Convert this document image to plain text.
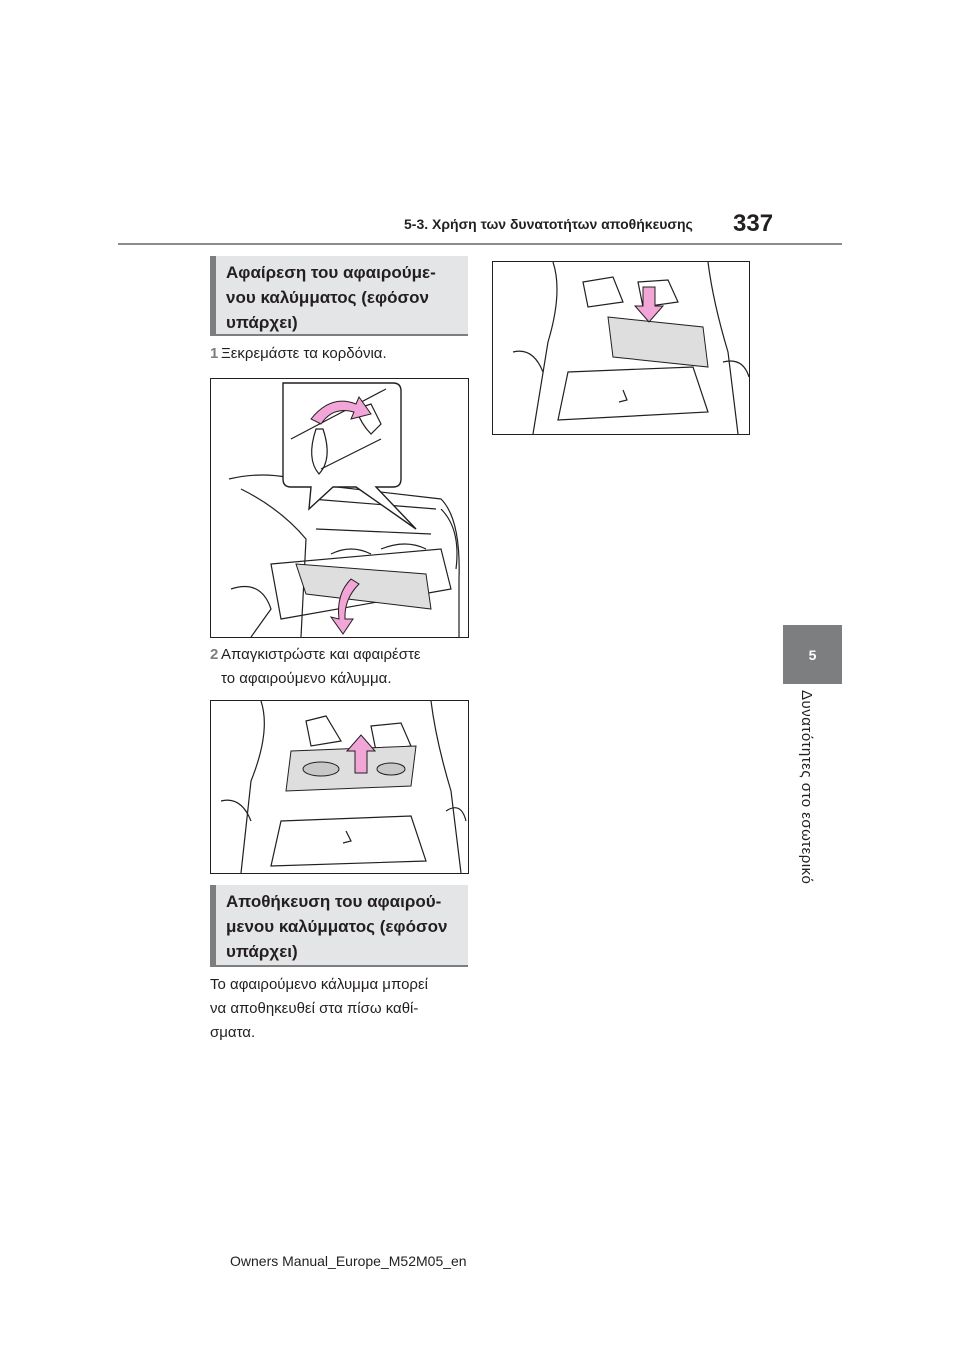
5-3. Χρήση των δυνατοτήτων αποθήκευσης 337
5
Δυνατότητες στο εσωτερικό
Αφαίρεση του αφαιρούμε-νου καλύμματος (εφόσον υπάρχει)
1 Ξεκρεμάστε τα κορδόνια.
2 Απαγκιστρώστε και αφαιρέστε
το αφαιρούμενο κάλυμμα.
Αποθήκευση του αφαιρού-μενου καλύμματος (εφόσον υπάρχει)
Το αφαιρούμενο κάλυμμα μπορεί
να αποθηκευθεί στα πίσω καθί-
σματα.
Owners Manual_Europe_M52M05_en
